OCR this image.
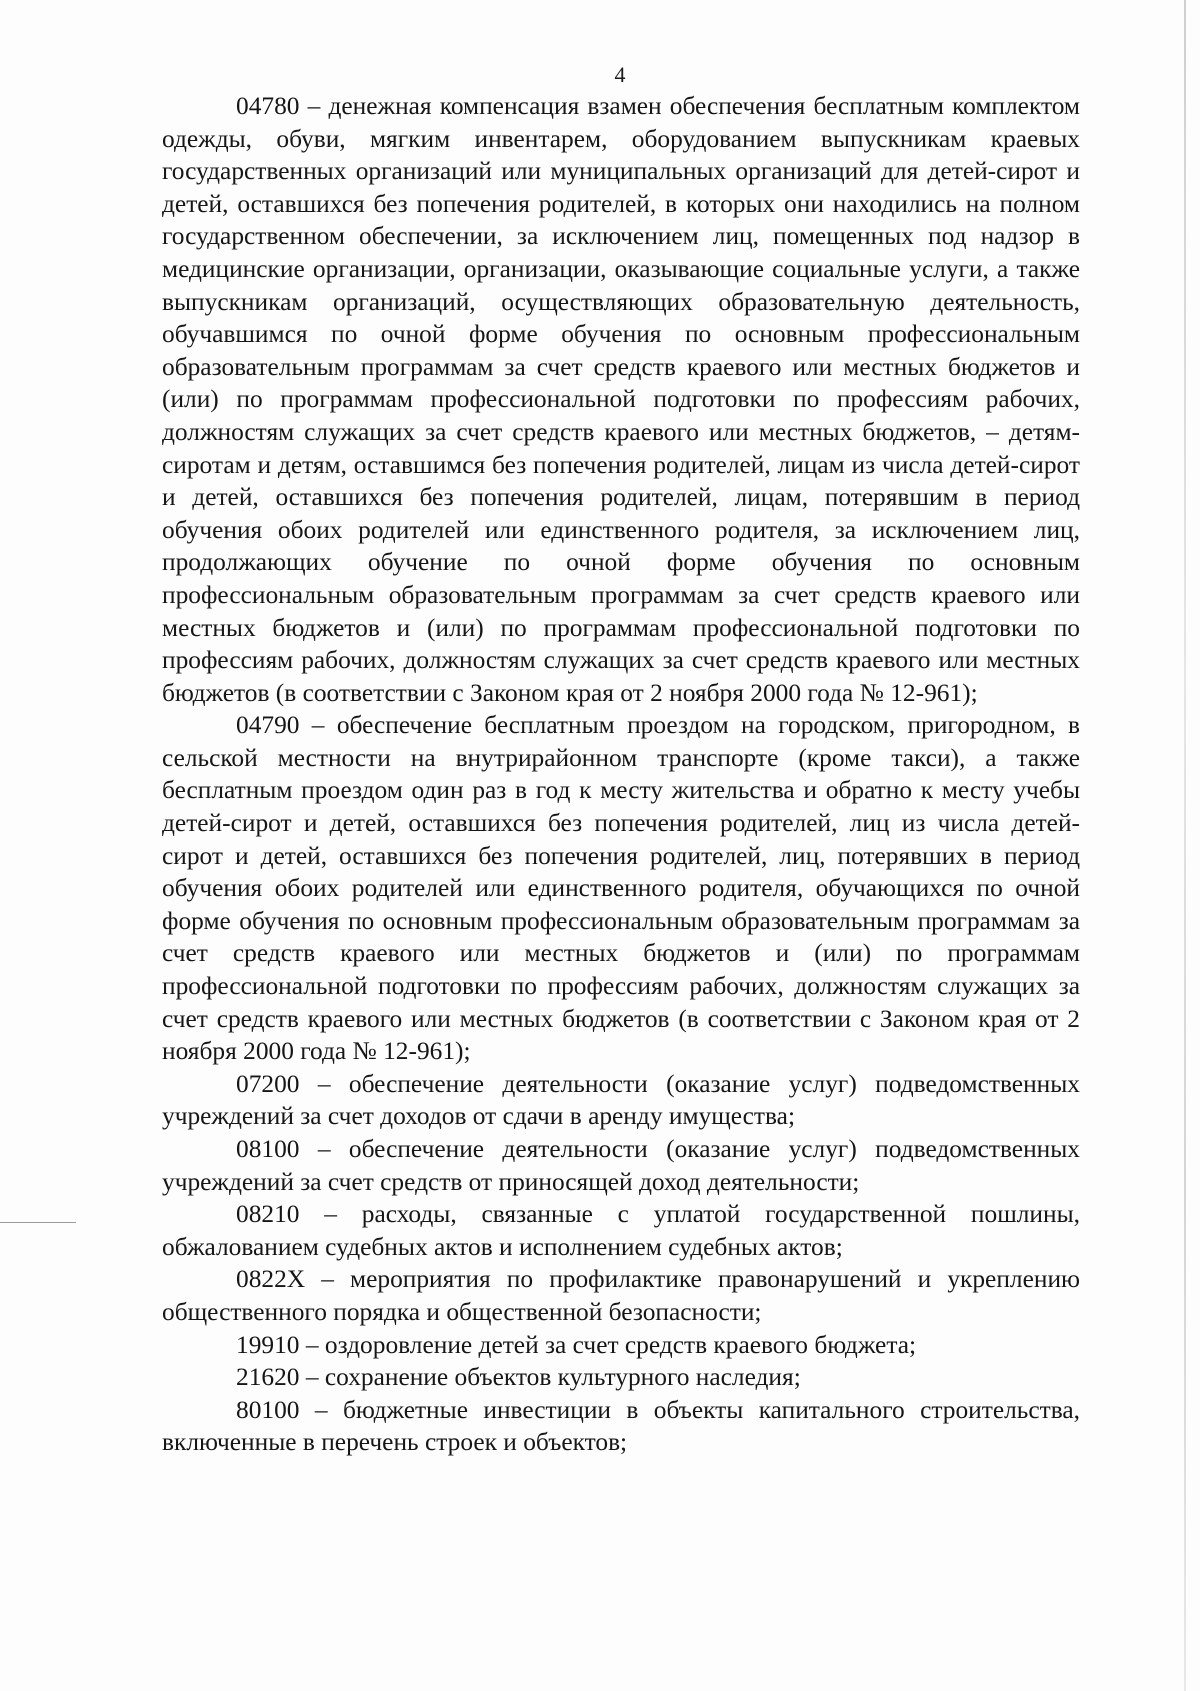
4

04780 – денежная компенсация взамен обеспечения бесплатным комплектом одежды, обуви, мягким инвентарем, оборудованием выпускникам краевых государственных организаций или муниципальных организаций для детей-сирот и детей, оставшихся без попечения родителей, в которых они находились на полном государственном обеспечении, за исключением лиц, помещенных под надзор в медицинские организации, организации, оказывающие социальные услуги, а также выпускникам организаций, осуществляющих образовательную деятельность, обучавшимся по очной форме обучения по основным профессиональным образовательным программам за счет средств краевого или местных бюджетов и (или) по программам профессиональной подготовки по профессиям рабочих, должностям служащих за счет средств краевого или местных бюджетов, – детям-сиротам и детям, оставшимся без попечения родителей, лицам из числа детей-сирот и детей, оставшихся без попечения родителей, лицам, потерявшим в период обучения обоих родителей или единственного родителя, за исключением лиц, продолжающих обучение по очной форме обучения по основным профессиональным образовательным программам за счет средств краевого или местных бюджетов и (или) по программам профессиональной подготовки по профессиям рабочих, должностям служащих за счет средств краевого или местных бюджетов (в соответствии с Законом края от 2 ноября 2000 года № 12-961);

04790 – обеспечение бесплатным проездом на городском, пригородном, в сельской местности на внутрирайонном транспорте (кроме такси), а также бесплатным проездом один раз в год к месту жительства и обратно к месту учебы детей-сирот и детей, оставшихся без попечения родителей, лиц из числа детей-сирот и детей, оставшихся без попечения родителей, лиц, потерявших в период обучения обоих родителей или единственного родителя, обучающихся по очной форме обучения по основным профессиональным образовательным программам за счет средств краевого или местных бюджетов и (или) по программам профессиональной подготовки по профессиям рабочих, должностям служащих за счет средств краевого или местных бюджетов (в соответствии с Законом края от 2 ноября 2000 года № 12-961);

07200 – обеспечение деятельности (оказание услуг) подведомственных учреждений за счет доходов от сдачи в аренду имущества;

08100 – обеспечение деятельности (оказание услуг) подведомственных учреждений за счет средств от приносящей доход деятельности;

08210 – расходы, связанные с уплатой государственной пошлины, обжалованием судебных актов и исполнением судебных актов;

0822Х – мероприятия по профилактике правонарушений и укреплению общественного порядка и общественной безопасности;

19910 – оздоровление детей за счет средств краевого бюджета;

21620 – сохранение объектов культурного наследия;

80100 – бюджетные инвестиции в объекты капитального строительства, включенные в перечень строек и объектов;
